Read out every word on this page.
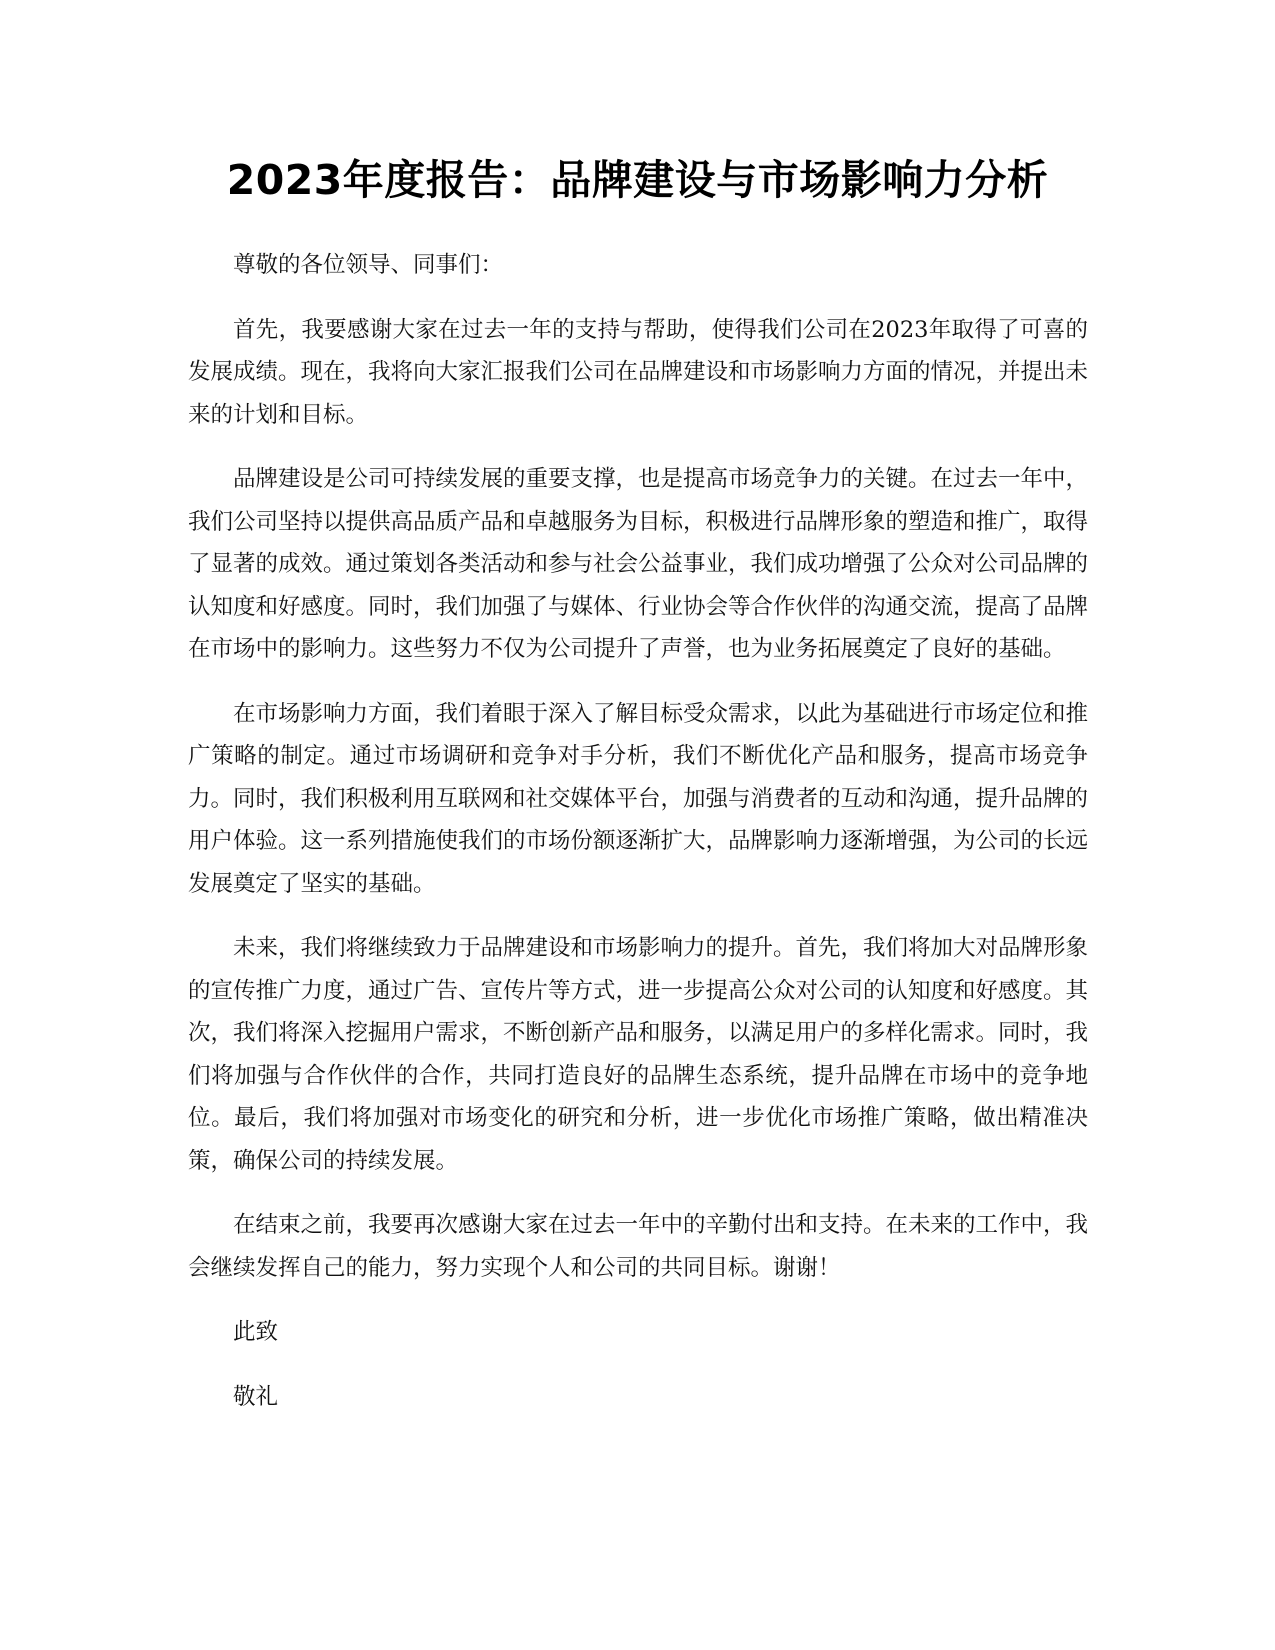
2023年度报告：品牌建设与市场影响力分析

尊敬的各位领导、同事们：

首先，我要感谢大家在过去一年的支持与帮助，使得我们公司在2023年取得了可喜的发展成绩。现在，我将向大家汇报我们公司在品牌建设和市场影响力方面的情况，并提出未来的计划和目标。

品牌建设是公司可持续发展的重要支撑，也是提高市场竞争力的关键。在过去一年中，我们公司坚持以提供高品质产品和卓越服务为目标，积极进行品牌形象的塑造和推广，取得了显著的成效。通过策划各类活动和参与社会公益事业，我们成功增强了公众对公司品牌的认知度和好感度。同时，我们加强了与媒体、行业协会等合作伙伴的沟通交流，提高了品牌在市场中的影响力。这些努力不仅为公司提升了声誉，也为业务拓展奠定了良好的基础。

在市场影响力方面，我们着眼于深入了解目标受众需求，以此为基础进行市场定位和推广策略的制定。通过市场调研和竞争对手分析，我们不断优化产品和服务，提高市场竞争力。同时，我们积极利用互联网和社交媒体平台，加强与消费者的互动和沟通，提升品牌的用户体验。这一系列措施使我们的市场份额逐渐扩大，品牌影响力逐渐增强，为公司的长远发展奠定了坚实的基础。

未来，我们将继续致力于品牌建设和市场影响力的提升。首先，我们将加大对品牌形象的宣传推广力度，通过广告、宣传片等方式，进一步提高公众对公司的认知度和好感度。其次，我们将深入挖掘用户需求，不断创新产品和服务，以满足用户的多样化需求。同时，我们将加强与合作伙伴的合作，共同打造良好的品牌生态系统，提升品牌在市场中的竞争地位。最后，我们将加强对市场变化的研究和分析，进一步优化市场推广策略，做出精准决策，确保公司的持续发展。

在结束之前，我要再次感谢大家在过去一年中的辛勤付出和支持。在未来的工作中，我会继续发挥自己的能力，努力实现个人和公司的共同目标。谢谢！

此致

敬礼
